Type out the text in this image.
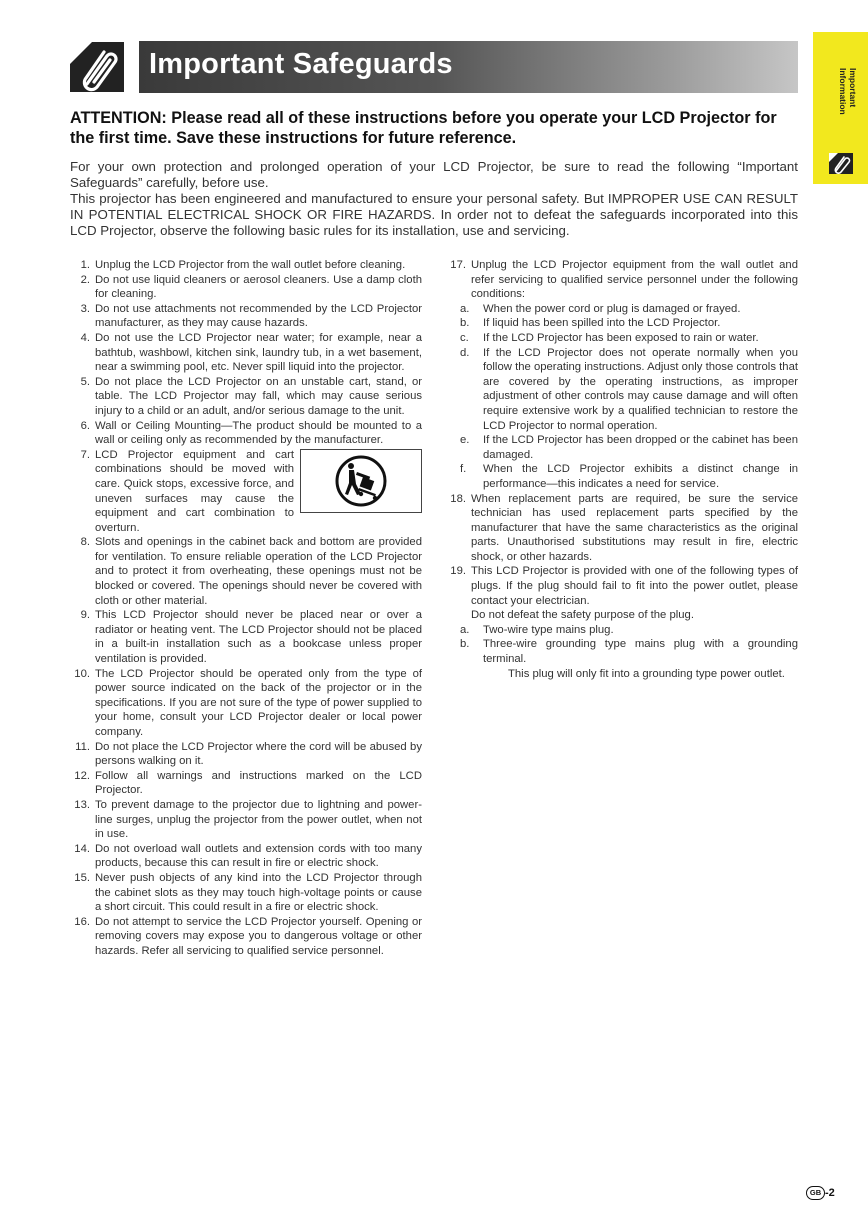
Important Safeguards
Important Information
ATTENTION: Please read all of these instructions before you operate your LCD Projector for the first time. Save these instructions for future reference.

For your own protection and prolonged operation of your LCD Projector, be sure to read the following “Important Safeguards” carefully, before use.

This projector has been engineered and manufactured to ensure your personal safety. But IMPROPER USE CAN RESULT IN POTENTIAL ELECTRICAL SHOCK OR FIRE HAZARDS. In order not to defeat the safeguards incorporated into this LCD Projector, observe the following basic rules for its installation, use and servicing.

1. Unplug the LCD Projector from the wall outlet before cleaning.
2. Do not use liquid cleaners or aerosol cleaners. Use a damp cloth for cleaning.
3. Do not use attachments not recommended by the LCD Projector manufacturer, as they may cause hazards.
4. Do not use the LCD Projector near water; for example, near a bathtub, washbowl, kitchen sink, laundry tub, in a wet basement, near a swimming pool, etc. Never spill liquid into the projector.
5. Do not place the LCD Projector on an unstable cart, stand, or table. The LCD Projector may fall, which may cause serious injury to a child or an adult, and/or serious damage to the unit.
6. Wall or Ceiling Mounting—The product should be mounted to a wall or ceiling only as recommended by the manufacturer.
7. LCD Projector equipment and cart combinations should be moved with care. Quick stops, excessive force, and uneven surfaces may cause the equipment and cart combination to overturn.
8. Slots and openings in the cabinet back and bottom are provided for ventilation. To ensure reliable operation of the LCD Projector and to protect it from overheating, these openings must not be blocked or covered. The openings should never be covered with cloth or other material.
9. This LCD Projector should never be placed near or over a radiator or heating vent. The LCD Projector should not be placed in a built-in installation such as a bookcase unless proper ventilation is provided.
10. The LCD Projector should be operated only from the type of power source indicated on the back of the projector or in the specifications. If you are not sure of the type of power supplied to your home, consult your LCD Projector dealer or local power company.
11. Do not place the LCD Projector where the cord will be abused by persons walking on it.
12. Follow all warnings and instructions marked on the LCD Projector.
13. To prevent damage to the projector due to lightning and power-line surges, unplug the projector from the power outlet, when not in use.
14. Do not overload wall outlets and extension cords with too many products, because this can result in fire or electric shock.
15. Never push objects of any kind into the LCD Projector through the cabinet slots as they may touch high-voltage points or cause a short circuit. This could result in a fire or electric shock.
16. Do not attempt to service the LCD Projector yourself. Opening or removing covers may expose you to dangerous voltage or other hazards. Refer all servicing to qualified service personnel.
17. Unplug the LCD Projector equipment from the wall outlet and refer servicing to qualified service personnel under the following conditions:
a. When the power cord or plug is damaged or frayed.
b. If liquid has been spilled into the LCD Projector.
c. If the LCD Projector has been exposed to rain or water.
d. If the LCD Projector does not operate normally when you follow the operating instructions. Adjust only those controls that are covered by the operating instructions, as improper adjustment of other controls may cause damage and will often require extensive work by a qualified technician to restore the LCD Projector to normal operation.
e. If the LCD Projector has been dropped or the cabinet has been damaged.
f. When the LCD Projector exhibits a distinct change in performance—this indicates a need for service.
18. When replacement parts are required, be sure the service technician has used replacement parts specified by the manufacturer that have the same characteristics as the original parts. Unauthorised substitutions may result in fire, electric shock, or other hazards.
19. This LCD Projector is provided with one of the following types of plugs. If the plug should fail to fit into the power outlet, please contact your electrician.
Do not defeat the safety purpose of the plug.
a. Two-wire type mains plug.
b. Three-wire grounding type mains plug with a grounding terminal.
This plug will only fit into a grounding type power outlet.
GB -2
